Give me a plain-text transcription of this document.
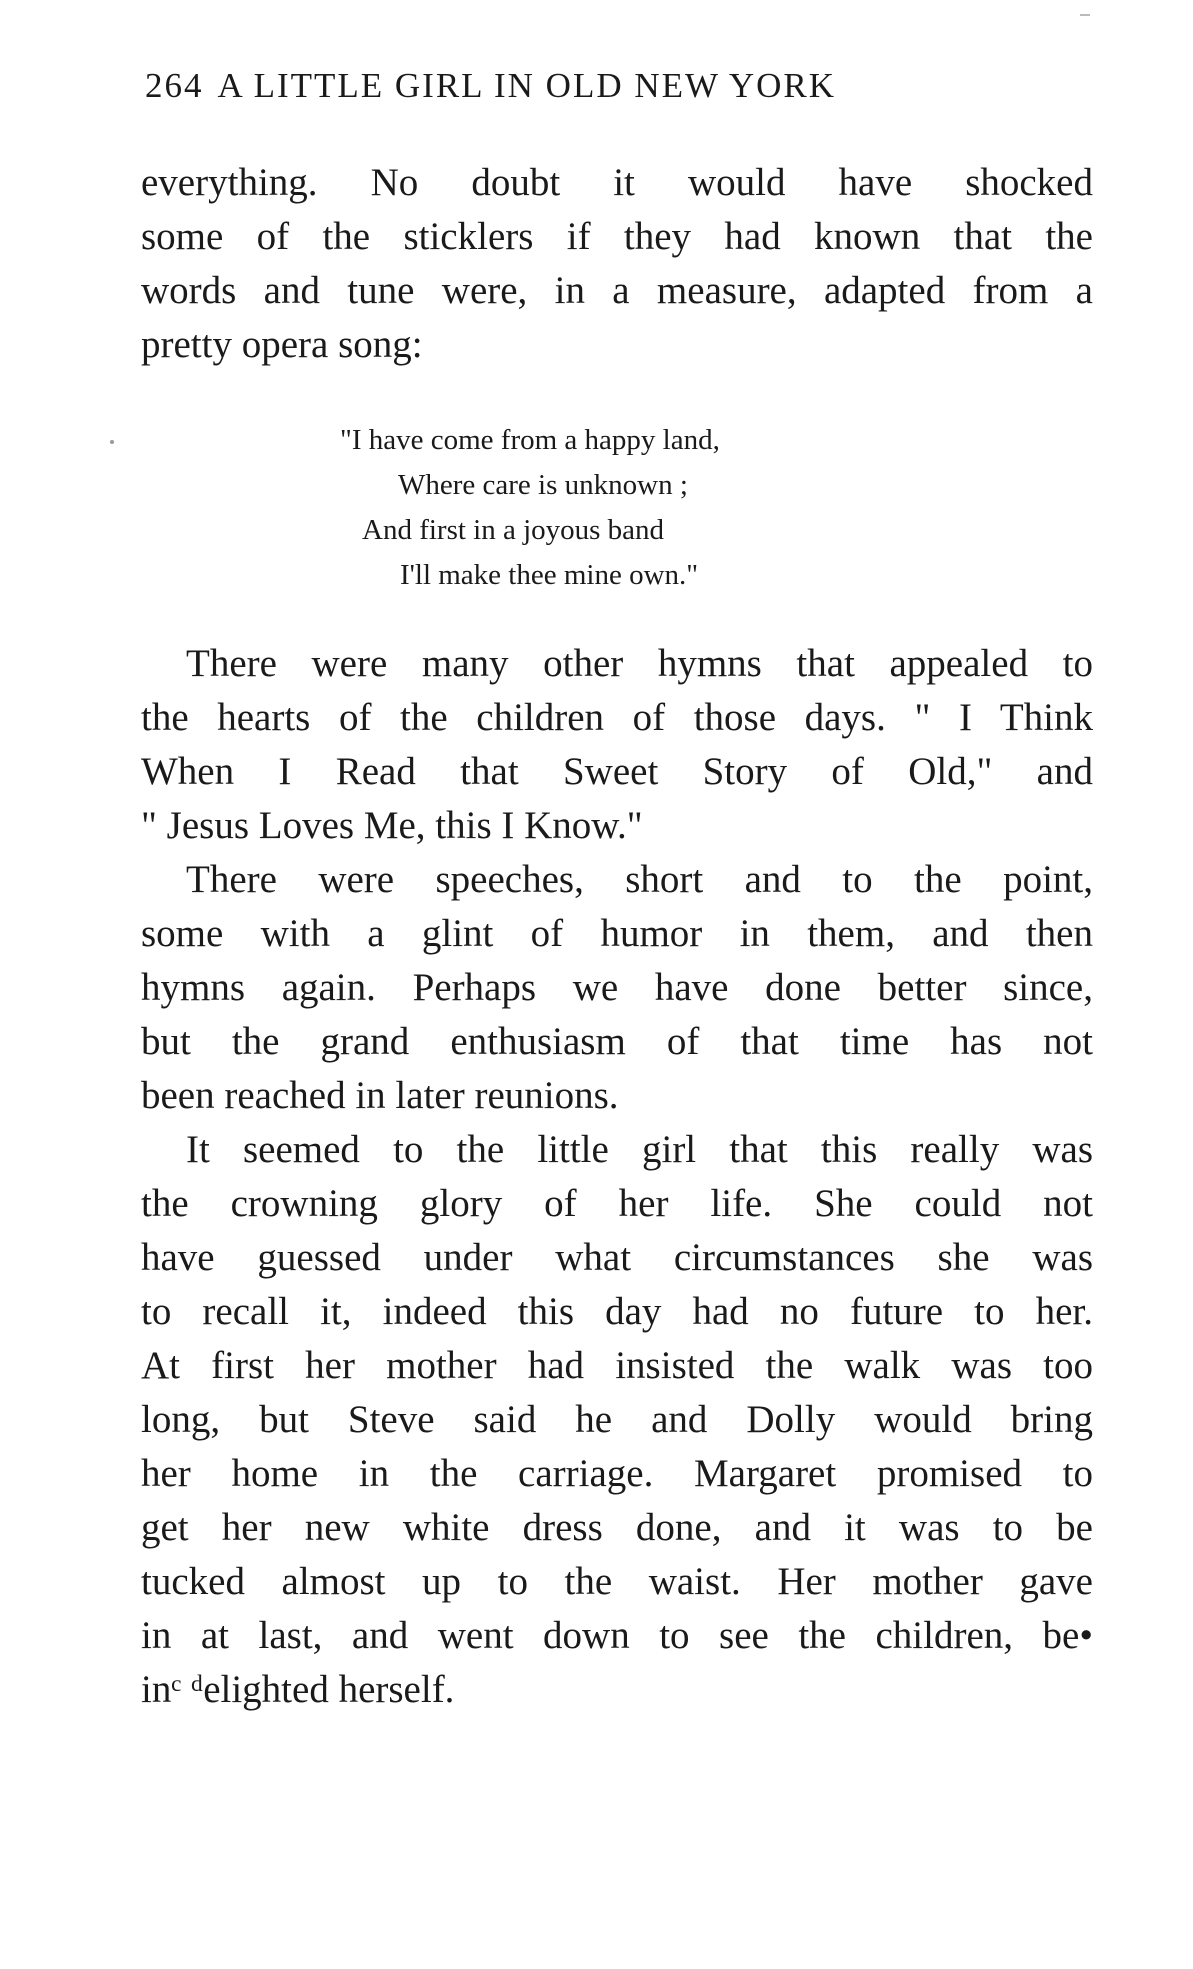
264 A LITTLE GIRL IN OLD NEW YORK
everything. No doubt it would have shocked
some of the sticklers if they had known that the
words and tune were, in a measure, adapted from a
pretty opera song:
"I have come from a happy land,
Where care is unknown ;
And first in a joyous band
I'll make thee mine own."
There were many other hymns that appealed to
the hearts of the children of those days. " I Think
When I Read that Sweet Story of Old," and
" Jesus Loves Me, this I Know."
There were speeches, short and to the point,
some with a glint of humor in them, and then
hymns again. Perhaps we have done better since,
but the grand enthusiasm of that time has not
been reached in later reunions.
It seemed to the little girl that this really was
the crowning glory of her life. She could not
have guessed under what circumstances she was
to recall it, indeed this day had no future to her.
At first her mother had insisted the walk was too
long, but Steve said he and Dolly would bring
her home in the carriage. Margaret promised to
get her new white dress done, and it was to be
tucked almost up to the waist. Her mother gave
in at last, and went down to see the children, be•
inᶜ ᵈelighted herself.
